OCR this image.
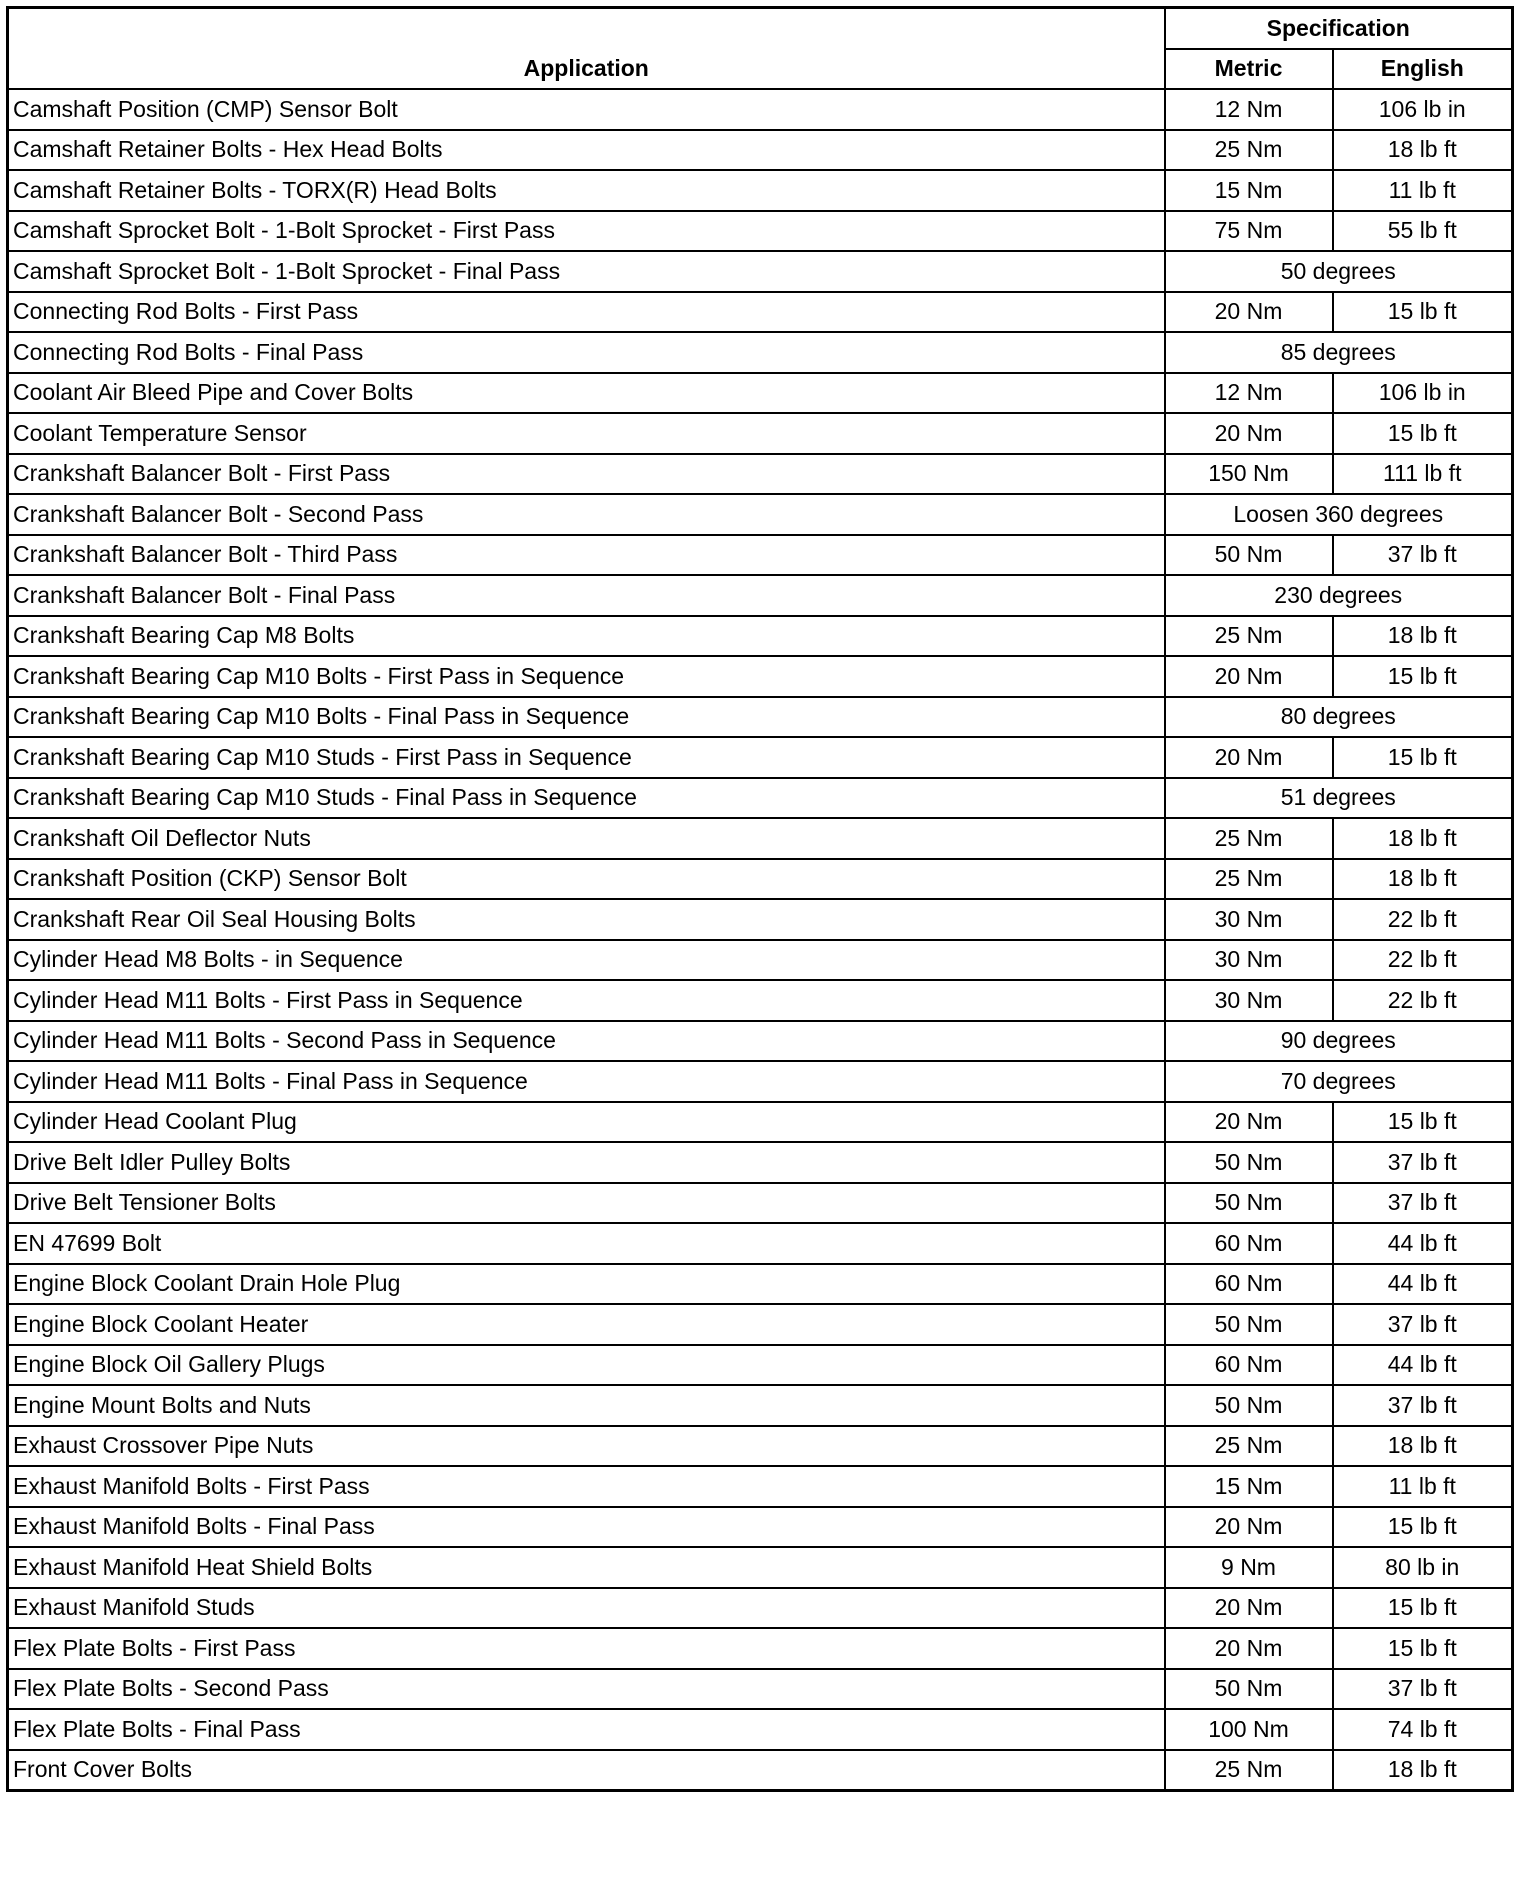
Application	Specification	
	Metric	English
Camshaft Position (CMP) Sensor Bolt	12 Nm	106 lb in
Camshaft Retainer Bolts - Hex Head Bolts	25 Nm	18 lb ft
Camshaft Retainer Bolts - TORX(R) Head Bolts	15 Nm	11 lb ft
Camshaft Sprocket Bolt - 1-Bolt Sprocket - First Pass	75 Nm	55 lb ft
Camshaft Sprocket Bolt - 1-Bolt Sprocket - Final Pass	50 degrees	
Connecting Rod Bolts - First Pass	20 Nm	15 lb ft
Connecting Rod Bolts - Final Pass	85 degrees	
Coolant Air Bleed Pipe and Cover Bolts	12 Nm	106 lb in
Coolant Temperature Sensor	20 Nm	15 lb ft
Crankshaft Balancer Bolt - First Pass	150 Nm	111 lb ft
Crankshaft Balancer Bolt - Second Pass	Loosen 360 degrees	
Crankshaft Balancer Bolt - Third Pass	50 Nm	37 lb ft
Crankshaft Balancer Bolt - Final Pass	230 degrees	
Crankshaft Bearing Cap M8 Bolts	25 Nm	18 lb ft
Crankshaft Bearing Cap M10 Bolts - First Pass in Sequence	20 Nm	15 lb ft
Crankshaft Bearing Cap M10 Bolts - Final Pass in Sequence	80 degrees	
Crankshaft Bearing Cap M10 Studs - First Pass in Sequence	20 Nm	15 lb ft
Crankshaft Bearing Cap M10 Studs - Final Pass in Sequence	51 degrees	
Crankshaft Oil Deflector Nuts	25 Nm	18 lb ft
Crankshaft Position (CKP) Sensor Bolt	25 Nm	18 lb ft
Crankshaft Rear Oil Seal Housing Bolts	30 Nm	22 lb ft
Cylinder Head M8 Bolts - in Sequence	30 Nm	22 lb ft
Cylinder Head M11 Bolts - First Pass in Sequence	30 Nm	22 lb ft
Cylinder Head M11 Bolts - Second Pass in Sequence	90 degrees	
Cylinder Head M11 Bolts - Final Pass in Sequence	70 degrees	
Cylinder Head Coolant Plug	20 Nm	15 lb ft
Drive Belt Idler Pulley Bolts	50 Nm	37 lb ft
Drive Belt Tensioner Bolts	50 Nm	37 lb ft
EN 47699 Bolt	60 Nm	44 lb ft
Engine Block Coolant Drain Hole Plug	60 Nm	44 lb ft
Engine Block Coolant Heater	50 Nm	37 lb ft
Engine Block Oil Gallery Plugs	60 Nm	44 lb ft
Engine Mount Bolts and Nuts	50 Nm	37 lb ft
Exhaust Crossover Pipe Nuts	25 Nm	18 lb ft
Exhaust Manifold Bolts - First Pass	15 Nm	11 lb ft
Exhaust Manifold Bolts - Final Pass	20 Nm	15 lb ft
Exhaust Manifold Heat Shield Bolts	9 Nm	80 lb in
Exhaust Manifold Studs	20 Nm	15 lb ft
Flex Plate Bolts - First Pass	20 Nm	15 lb ft
Flex Plate Bolts - Second Pass	50 Nm	37 lb ft
Flex Plate Bolts - Final Pass	100 Nm	74 lb ft
Front Cover Bolts	25 Nm	18 lb ft
